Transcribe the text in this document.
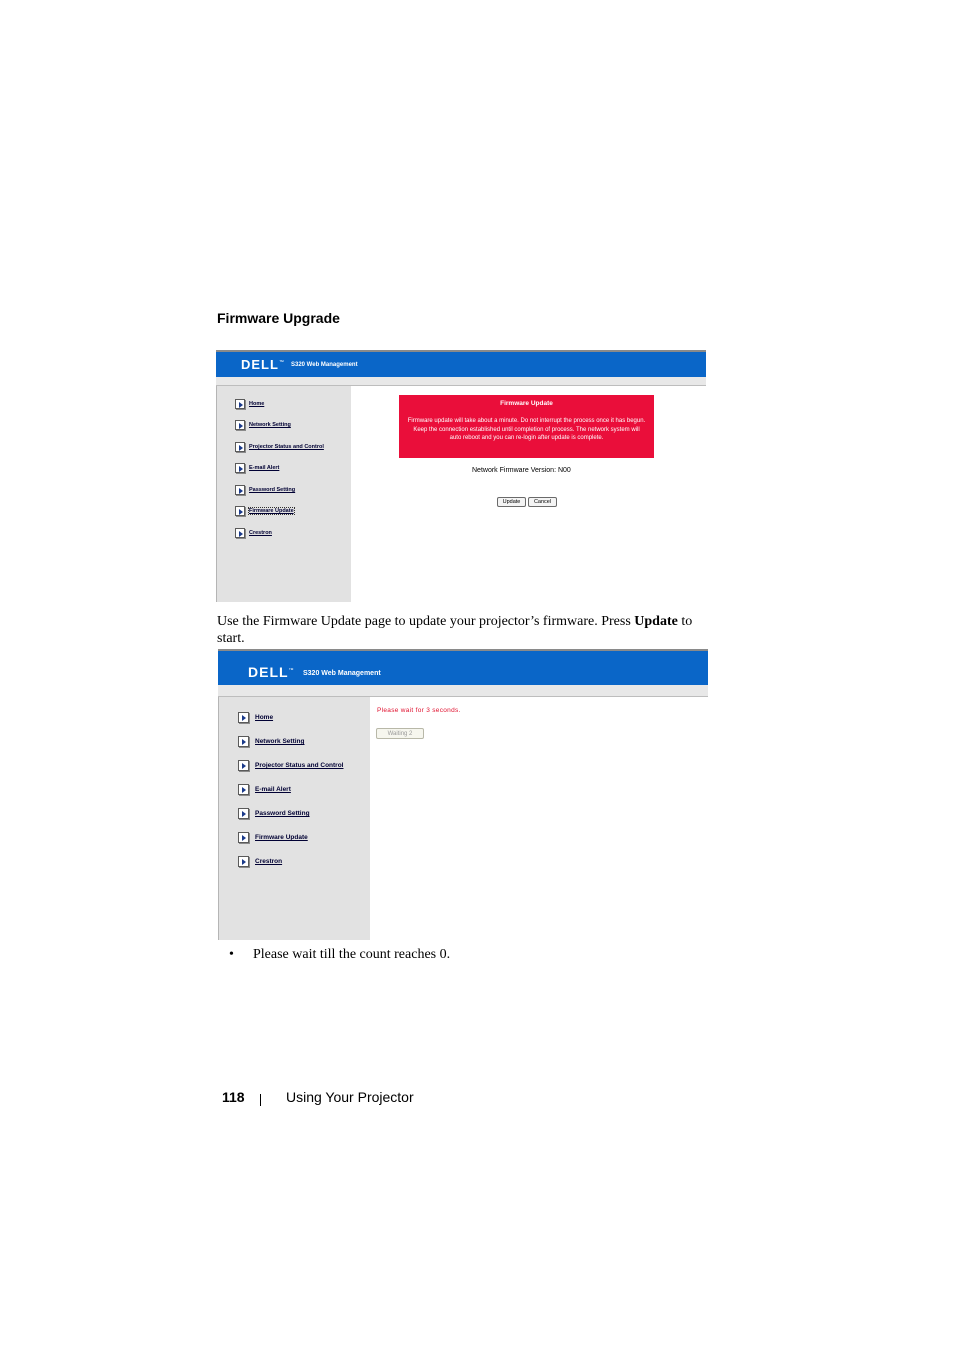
Firmware Upgrade
DELL™ S320 Web Management
Home
Network Setting
Projector Status and Control
E-mail Alert
Password Setting
Firmware Update
Crestron
Firmware Update
Firmware update will take about a minute. Do not interrupt the process once it has begun. Keep the connection established until completion of process. The network system will auto reboot and you can re-login after update is complete.
Network Firmware Version: N00
Update	Cancel
Use the Firmware Update page to update your projector’s firmware. Press Update to start.
DELL™ S320 Web Management
Home
Network Setting
Projector Status and Control
E-mail Alert
Password Setting
Firmware Update
Crestron
Please wait for 3 seconds.
Waiting 2
• Please wait till the count reaches 0.
118	Using Your Projector
